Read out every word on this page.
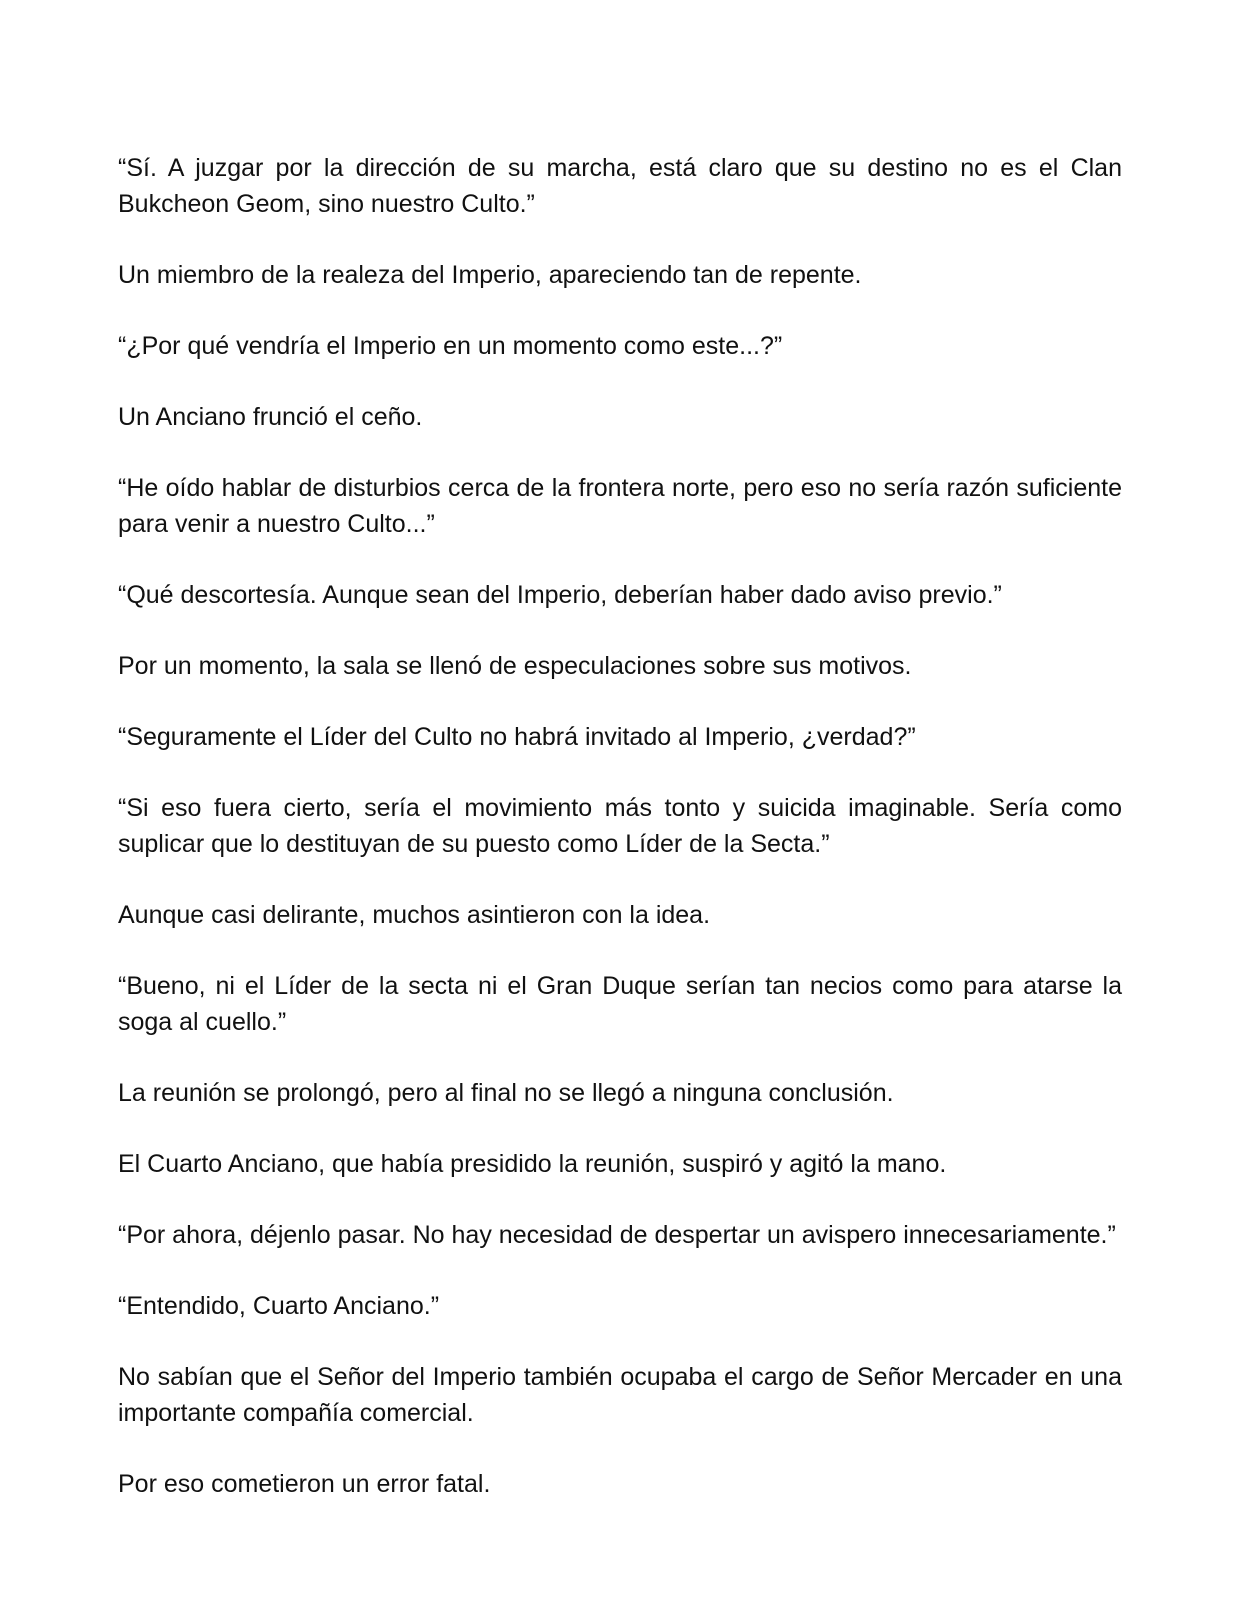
“Sí. A juzgar por la dirección de su marcha, está claro que su destino no es el Clan Bukcheon Geom, sino nuestro Culto.”

Un miembro de la realeza del Imperio, apareciendo tan de repente.

“¿Por qué vendría el Imperio en un momento como este...?”

Un Anciano frunció el ceño.

“He oído hablar de disturbios cerca de la frontera norte, pero eso no sería razón suficiente para venir a nuestro Culto...”

“Qué descortesía. Aunque sean del Imperio, deberían haber dado aviso previo.”

Por un momento, la sala se llenó de especulaciones sobre sus motivos.

“Seguramente el Líder del Culto no habrá invitado al Imperio, ¿verdad?”

“Si eso fuera cierto, sería el movimiento más tonto y suicida imaginable. Sería como suplicar que lo destituyan de su puesto como Líder de la Secta.”

Aunque casi delirante, muchos asintieron con la idea.

“Bueno, ni el Líder de la secta ni el Gran Duque serían tan necios como para atarse la soga al cuello.”

La reunión se prolongó, pero al final no se llegó a ninguna conclusión.

El Cuarto Anciano, que había presidido la reunión, suspiró y agitó la mano.

“Por ahora, déjenlo pasar. No hay necesidad de despertar un avispero innecesariamente.”

“Entendido, Cuarto Anciano.”

No sabían que el Señor del Imperio también ocupaba el cargo de Señor Mercader en una importante compañía comercial.

Por eso cometieron un error fatal.
